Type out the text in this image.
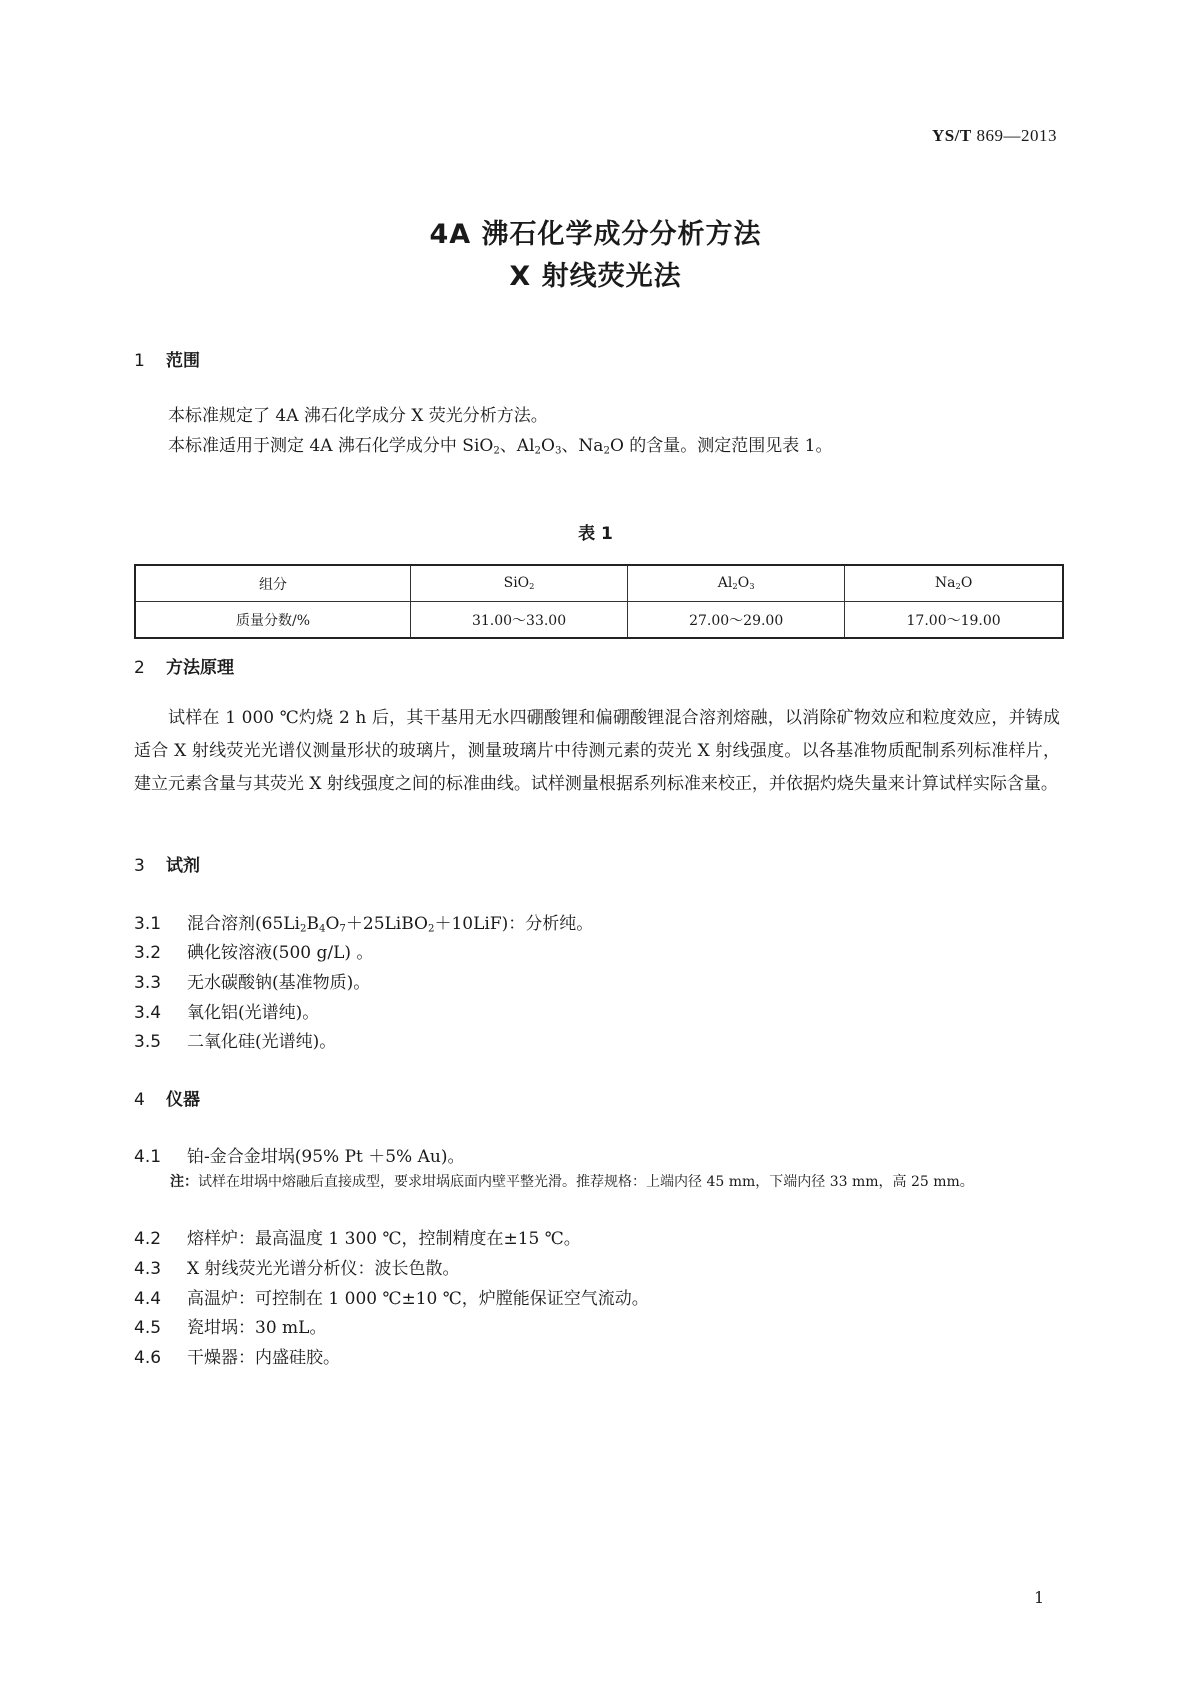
YS/T 869—2013
4A 沸石化学成分分析方法
X 射线荧光法
1 范围
本标准规定了 4A 沸石化学成分 X 荧光分析方法。
本标准适用于测定 4A 沸石化学成分中 SiO$_2$、$Al_2O_3$、$Na_2O$ 的含量。测定范围见表 1。
表 1
组分	SiO$_2$	$Al_2O_3$	$Na_2O$
质量分数/%	31.00～33.00	27.00～29.00	17.00～19.00
2 方法原理
试样在 1 000 ℃灼烧 2 h 后，其干基用无水四硼酸锂和偏硼酸锂混合溶剂熔融，以消除矿物效应和粒度效应，并铸成适合 X 射线荧光光谱仪测量形状的玻璃片，测量玻璃片中待测元素的荧光 X 射线强度。以各基准物质配制系列标准样片，建立元素含量与其荧光 X 射线强度之间的标准曲线。试样测量根据系列标准来校正，并依据灼烧失量来计算试样实际含量。
3 试剂
3.1 混合溶剂$(65Li_2B_4O_7+25LiBO_2+10LiF)$：分析纯。
3.2 碘化铵溶液(500 g/L) 。
3.3 无水碳酸钠(基准物质)。
3.4 氧化铝(光谱纯)。
3.5 二氧化硅(光谱纯)。
4 仪器
4.1 铂-金合金坩埚(95% Pt ＋5% Au)。
注：试样在坩埚中熔融后直接成型，要求坩埚底面内壁平整光滑。推荐规格：上端内径 45 mm，下端内径 33 mm，高 25 mm。
4.2 熔样炉：最高温度 1 300 ℃，控制精度在±15 ℃。
4.3 X 射线荧光光谱分析仪：波长色散。
4.4 高温炉：可控制在 1 000 ℃±10 ℃，炉膛能保证空气流动。
4.5 瓷坩埚：30 mL。
4.6 干燥器：内盛硅胶。
1
